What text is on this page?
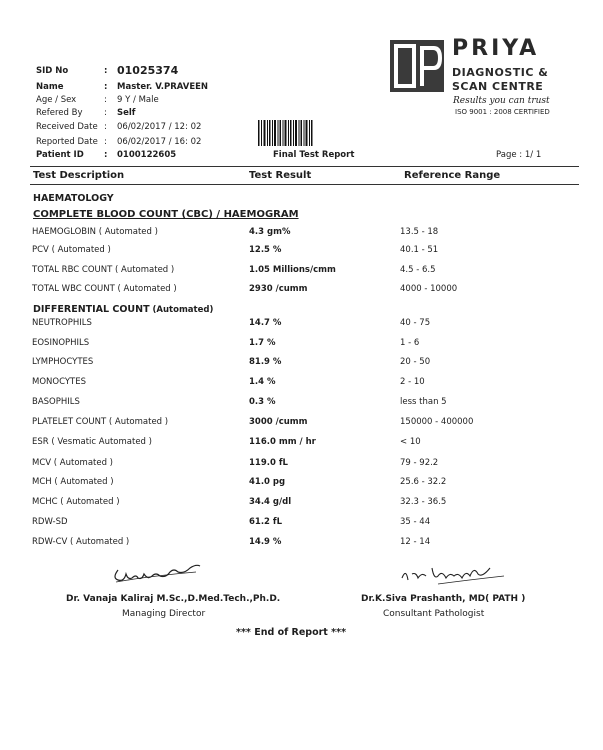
SID No	: 01025374
Name	: Master. V.PRAVEEN
Age / Sex	: 9 Y / Male
Refered By	: Self
Received Date : 06/02/2017 / 12: 02
Reported Date : 06/02/2017 / 16: 02
Patient ID : 0100122605	Final Test Report	Page : 1/ 1
PRIYA
DIAGNOSTIC &
SCAN CENTRE
Results you can trust
ISO 9001 : 2008 CERTIFIED
Test Description	Test Result	Reference Range
HAEMATOLOGY
COMPLETE BLOOD COUNT (CBC) / HAEMOGRAM
DIFFERENTIAL COUNT (Automated)
HAEMOGLOBIN ( Automated )	4.3 gm%	13.5 - 18
PCV ( Automated )	12.5 %	40.1 - 51
TOTAL RBC COUNT ( Automated )	1.05 Millions/cmm	4.5 - 6.5
TOTAL WBC COUNT ( Automated )	2930 /cumm	4000 - 10000
NEUTROPHILS	14.7 %	40 - 75
EOSINOPHILS	1.7 %	1 - 6
LYMPHOCYTES	81.9 %	20 - 50
MONOCYTES	1.4 %	2 - 10
BASOPHILS	0.3 %	less than 5
PLATELET COUNT ( Automated )	3000 /cumm	150000 - 400000
ESR ( Vesmatic Automated )	116.0 mm / hr	< 10
MCV ( Automated )	119.0 fL	79 - 92.2
MCH ( Automated )	41.0 pg	25.6 - 32.2
MCHC ( Automated )	34.4 g/dl	32.3 - 36.5
RDW-SD	61.2 fL	35 - 44
RDW-CV ( Automated )	14.9 %	12 - 14
Dr. Vanaja Kaliraj M.Sc.,D.Med.Tech.,Ph.D.
Managing Director
Dr.K.Siva Prashanth, MD( PATH )
Consultant Pathologist
*** End of Report ***
